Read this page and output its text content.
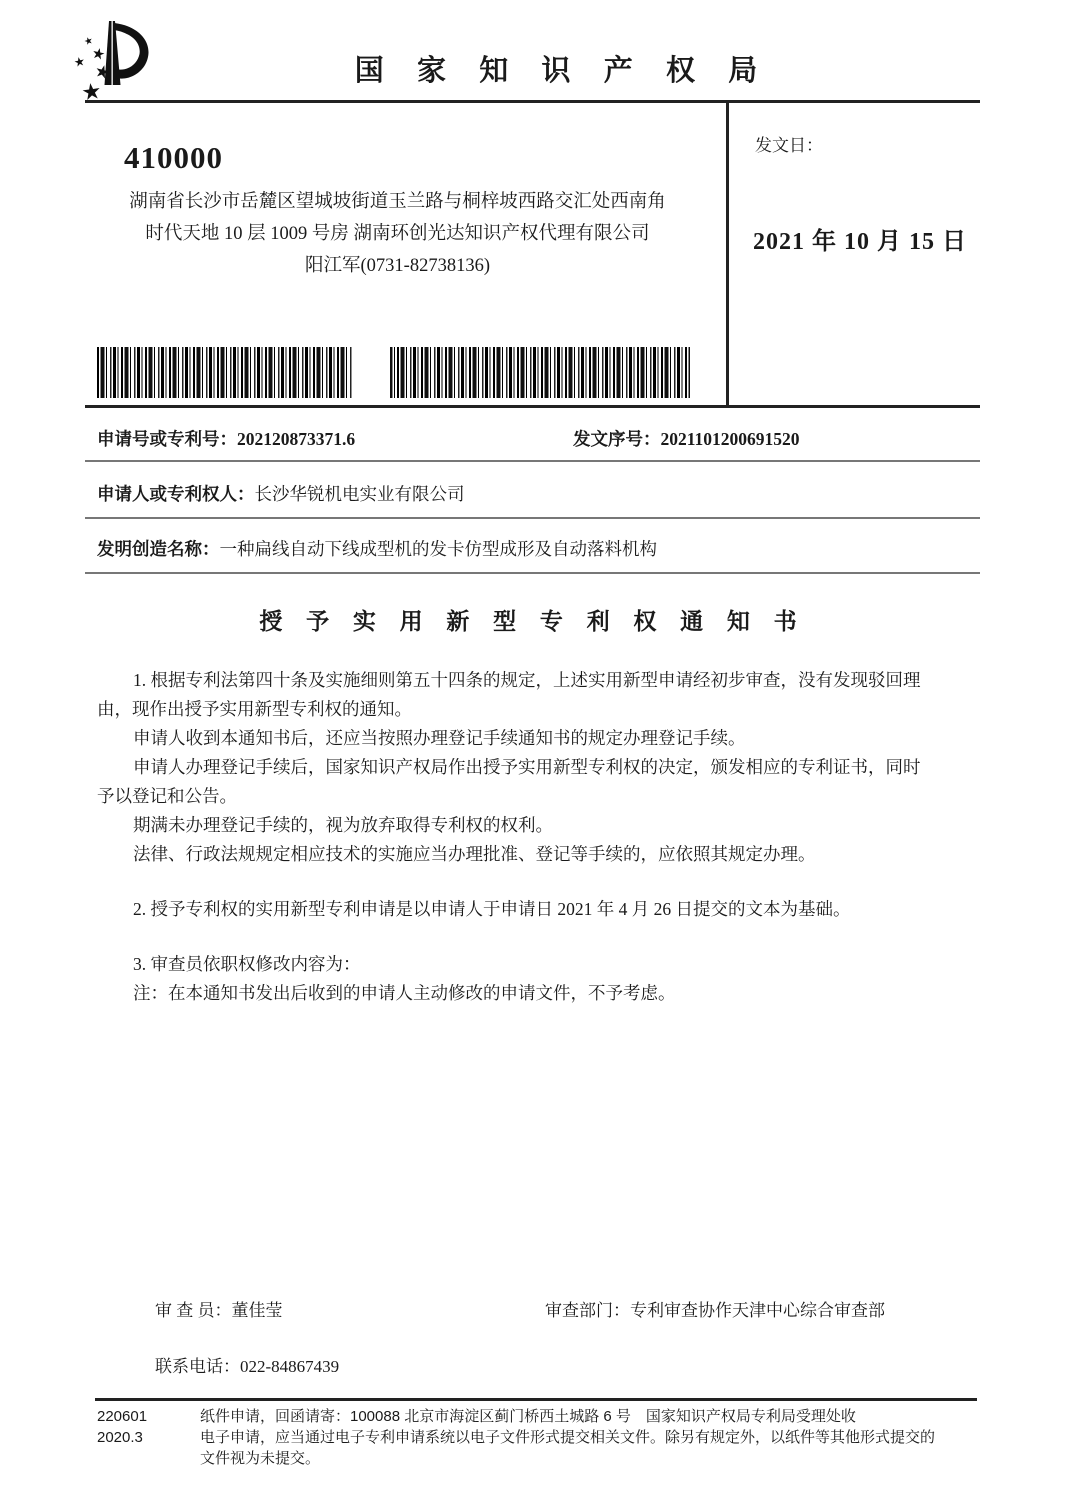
国 家 知 识 产 权 局
410000
湖南省长沙市岳麓区望城坡街道玉兰路与桐梓坡西路交汇处西南角
时代天地 10 层 1009 号房 湖南环创光达知识产权代理有限公司
阳江军(0731-82738136)
发文日：
2021 年 10 月 15 日
申请号或专利号：202120873371.6	发文序号：2021101200691520
申请人或专利权人：长沙华锐机电实业有限公司
发明创造名称：一种扁线自动下线成型机的发卡仿型成形及自动落料机构
授 予 实 用 新 型 专 利 权 通 知 书
1. 根据专利法第四十条及实施细则第五十四条的规定，上述实用新型申请经初步审查，没有发现驳回理
由，现作出授予实用新型专利权的通知。
申请人收到本通知书后，还应当按照办理登记手续通知书的规定办理登记手续。
申请人办理登记手续后，国家知识产权局作出授予实用新型专利权的决定，颁发相应的专利证书，同时
予以登记和公告。
期满未办理登记手续的，视为放弃取得专利权的权利。
法律、行政法规规定相应技术的实施应当办理批准、登记等手续的，应依照其规定办理。
2. 授予专利权的实用新型专利申请是以申请人于申请日 2021 年 4 月 26 日提交的文本为基础。
3. 审查员依职权修改内容为：
注：在本通知书发出后收到的申请人主动修改的申请文件，不予考虑。
审 查 员：董佳莹	审查部门：专利审查协作天津中心综合审查部
联系电话：022-84867439
220601
2020.3
纸件申请，回函请寄：100088 北京市海淀区蓟门桥西土城路 6 号　国家知识产权局专利局受理处收
电子申请，应当通过电子专利申请系统以电子文件形式提交相关文件。除另有规定外，以纸件等其他形式提交的
文件视为未提交。
